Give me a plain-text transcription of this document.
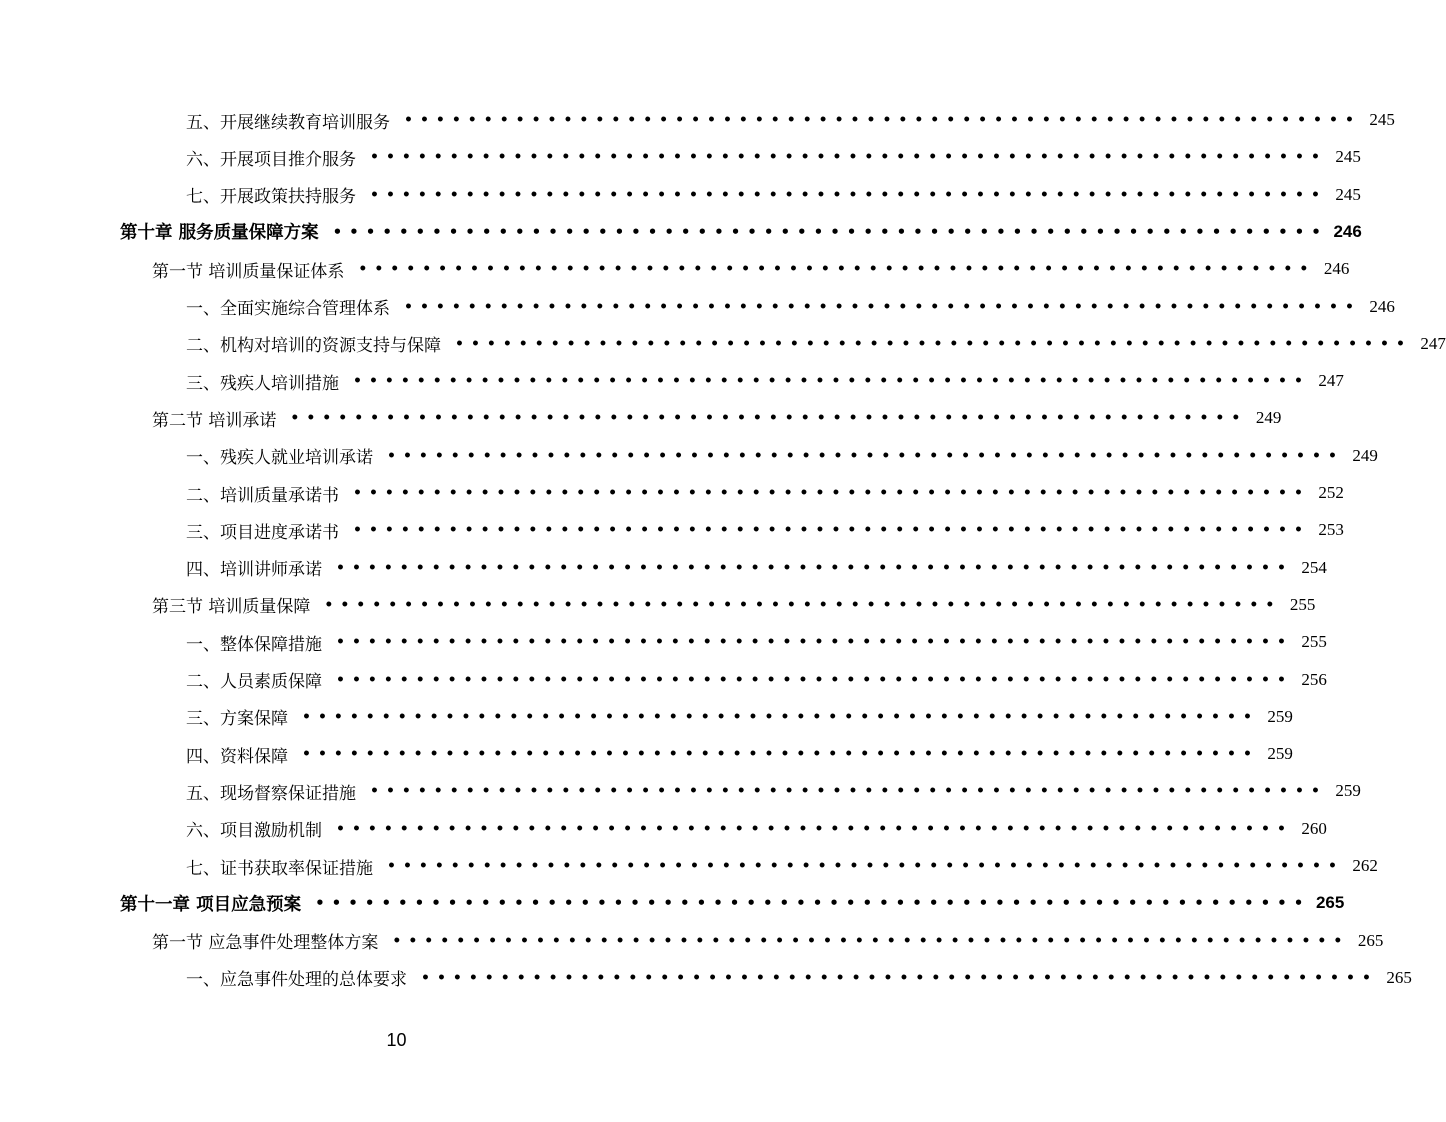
五、开展继续教育培训服务 •••••••••••••••••••••••••••••••••••••••••••••••••••••••••••• 245
六、开展项目推介服务 •••••••••••••••••••••••••••••••••••••••••••••••••••••••••••• 245
七、开展政策扶持服务 •••••••••••••••••••••••••••••••••••••••••••••••••••••••••••• 245
第十章 服务质量保障方案 •••••••••••••••••••••••••••••••••••••••••••••••••••••••••••• 246
第一节 培训质量保证体系 •••••••••••••••••••••••••••••••••••••••••••••••••••••••••••• 246
一、全面实施综合管理体系 •••••••••••••••••••••••••••••••••••••••••••••••••••••••••••• 246
二、机构对培训的资源支持与保障 •••••••••••••••••••••••••••••••••••••••••••••••••••••••••••• 247
三、残疾人培训措施 •••••••••••••••••••••••••••••••••••••••••••••••••••••••••••• 247
第二节 培训承诺 •••••••••••••••••••••••••••••••••••••••••••••••••••••••••••• 249
一、残疾人就业培训承诺 •••••••••••••••••••••••••••••••••••••••••••••••••••••••••••• 249
二、培训质量承诺书 •••••••••••••••••••••••••••••••••••••••••••••••••••••••••••• 252
三、项目进度承诺书 •••••••••••••••••••••••••••••••••••••••••••••••••••••••••••• 253
四、培训讲师承诺 •••••••••••••••••••••••••••••••••••••••••••••••••••••••••••• 254
第三节 培训质量保障 •••••••••••••••••••••••••••••••••••••••••••••••••••••••••••• 255
一、整体保障措施 •••••••••••••••••••••••••••••••••••••••••••••••••••••••••••• 255
二、人员素质保障 •••••••••••••••••••••••••••••••••••••••••••••••••••••••••••• 256
三、方案保障 •••••••••••••••••••••••••••••••••••••••••••••••••••••••••••• 259
四、资料保障 •••••••••••••••••••••••••••••••••••••••••••••••••••••••••••• 259
五、现场督察保证措施 •••••••••••••••••••••••••••••••••••••••••••••••••••••••••••• 259
六、项目激励机制 •••••••••••••••••••••••••••••••••••••••••••••••••••••••••••• 260
七、证书获取率保证措施 •••••••••••••••••••••••••••••••••••••••••••••••••••••••••••• 262
第十一章 项目应急预案 •••••••••••••••••••••••••••••••••••••••••••••••••••••••••••• 265
第一节 应急事件处理整体方案 •••••••••••••••••••••••••••••••••••••••••••••••••••••••••••• 265
一、应急事件处理的总体要求 •••••••••••••••••••••••••••••••••••••••••••••••••••••••••••• 265
10
